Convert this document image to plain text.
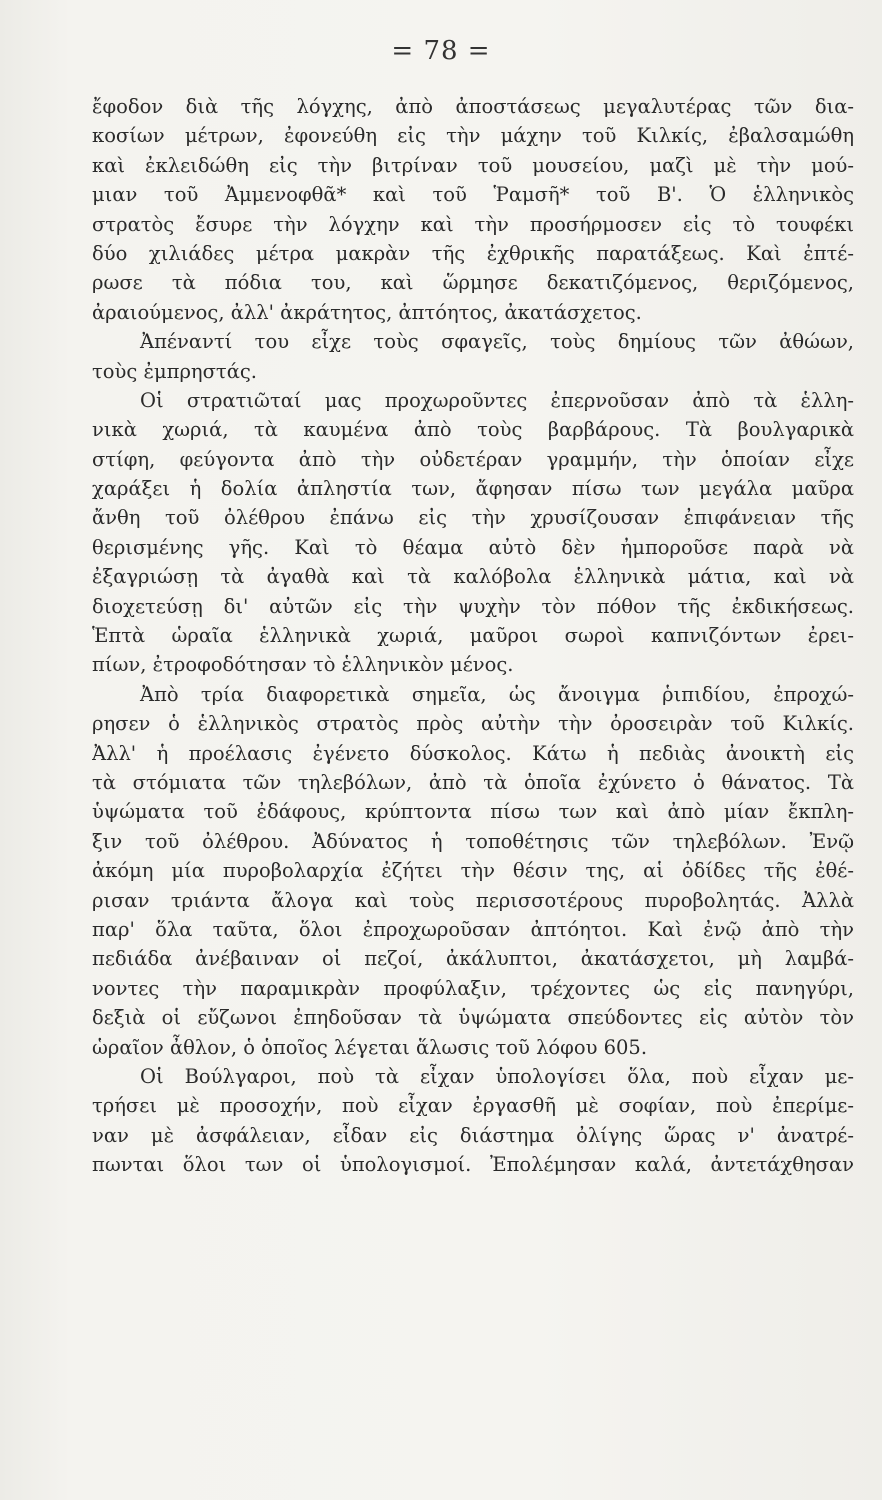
= 78 =
ἔφοδον διὰ τῆς λόγχης, ἀπὸ ἀποστάσεως μεγαλυτέρας τῶν δια-
κοσίων μέτρων, ἐφονεύθη εἰς τὴν μάχην τοῦ Κιλκίς, ἐβαλσαμώθη
καὶ ἐκλειδώθη εἰς τὴν βιτρίναν τοῦ μουσείου, μαζὶ μὲ τὴν μού-
μιαν τοῦ Ἀμμενοφθᾶ* καὶ τοῦ Ῥαμσῆ* τοῦ Β'. Ὁ ἑλληνικὸς
στρατὸς ἔσυρε τὴν λόγχην καὶ τὴν προσήρμοσεν εἰς τὸ τουφέκι
δύο χιλιάδες μέτρα μακρὰν τῆς ἐχθρικῆς παρατάξεως. Καὶ ἐπτέ-
ρωσε τὰ πόδια του, καὶ ὥρμησε δεκατιζόμενος, θεριζόμενος,
ἀραιούμενος, ἀλλ' ἀκράτητος, ἀπτόητος, ἀκατάσχετος.
Ἀπέναντί του εἶχε τοὺς σφαγεῖς, τοὺς δημίους τῶν ἀθώων,
τοὺς ἐμπρηστάς.
Οἱ στρατιῶταί μας προχωροῦντες ἐπερνοῦσαν ἀπὸ τὰ ἑλλη-
νικὰ χωριά, τὰ καυμένα ἀπὸ τοὺς βαρβάρους. Τὰ βουλγαρικὰ
στίφη, φεύγοντα ἀπὸ τὴν οὐδετέραν γραμμήν, τὴν ὁποίαν εἶχε
χαράξει ἡ δολία ἀπληστία των, ἄφησαν πίσω των μεγάλα μαῦρα
ἄνθη τοῦ ὀλέθρου ἐπάνω εἰς τὴν χρυσίζουσαν ἐπιφάνειαν τῆς
θερισμένης γῆς. Καὶ τὸ θέαμα αὐτὸ δὲν ἠμποροῦσε παρὰ νὰ
ἐξαγριώσῃ τὰ ἀγαθὰ καὶ τὰ καλόβολα ἑλληνικὰ μάτια, καὶ νὰ
διοχετεύσῃ δι' αὐτῶν εἰς τὴν ψυχὴν τὸν πόθον τῆς ἐκδικήσεως.
Ἑπτὰ ὡραῖα ἑλληνικὰ χωριά, μαῦροι σωροὶ καπνιζόντων ἐρει-
πίων, ἐτροφοδότησαν τὸ ἑλληνικὸν μένος.
Ἀπὸ τρία διαφορετικὰ σημεῖα, ὡς ἄνοιγμα ῥιπιδίου, ἐπροχώ-
ρησεν ὁ ἑλληνικὸς στρατὸς πρὸς αὐτὴν τὴν ὀροσειρὰν τοῦ Κιλκίς.
Ἀλλ' ἡ προέλασις ἐγένετο δύσκολος. Κάτω ἡ πεδιὰς ἀνοικτὴ εἰς
τὰ στόμιατα τῶν τηλεβόλων, ἀπὸ τὰ ὁποῖα ἐχύνετο ὁ θάνατος. Τὰ
ὑψώματα τοῦ ἐδάφους, κρύπτοντα πίσω των καὶ ἀπὸ μίαν ἔκπλη-
ξιν τοῦ ὀλέθρου. Ἀδύνατος ἡ τοποθέτησις τῶν τηλεβόλων. Ἐνῷ
ἀκόμη μία πυροβολαρχία ἐζήτει τὴν θέσιν της, αἱ ὀδίδες τῆς ἐθέ-
ρισαν τριάντα ἄλογα καὶ τοὺς περισσοτέρους πυροβολητάς. Ἀλλὰ
παρ' ὅλα ταῦτα, ὅλοι ἐπροχωροῦσαν ἀπτόητοι. Καὶ ἐνῷ ἀπὸ τὴν
πεδιάδα ἀνέβαιναν οἱ πεζοί, ἀκάλυπτοι, ἀκατάσχετοι, μὴ λαμβά-
νοντες τὴν παραμικρὰν προφύλαξιν, τρέχοντες ὡς εἰς πανηγύρι,
δεξιὰ οἱ εὔζωνοι ἐπηδοῦσαν τὰ ὑψώματα σπεύδοντες εἰς αὐτὸν τὸν
ὡραῖον ἆθλον, ὁ ὁποῖος λέγεται ἅλωσις τοῦ λόφου 605.
Οἱ Βούλγαροι, ποὺ τὰ εἶχαν ὑπολογίσει ὅλα, ποὺ εἶχαν με-
τρήσει μὲ προσοχήν, ποὺ εἶχαν ἐργασθῆ μὲ σοφίαν, ποὺ ἐπερίμε-
ναν μὲ ἀσφάλειαν, εἶδαν εἰς διάστημα ὀλίγης ὥρας ν' ἀνατρέ-
πωνται ὅλοι των οἱ ὑπολογισμοί. Ἐπολέμησαν καλά, ἀντετάχθησαν
